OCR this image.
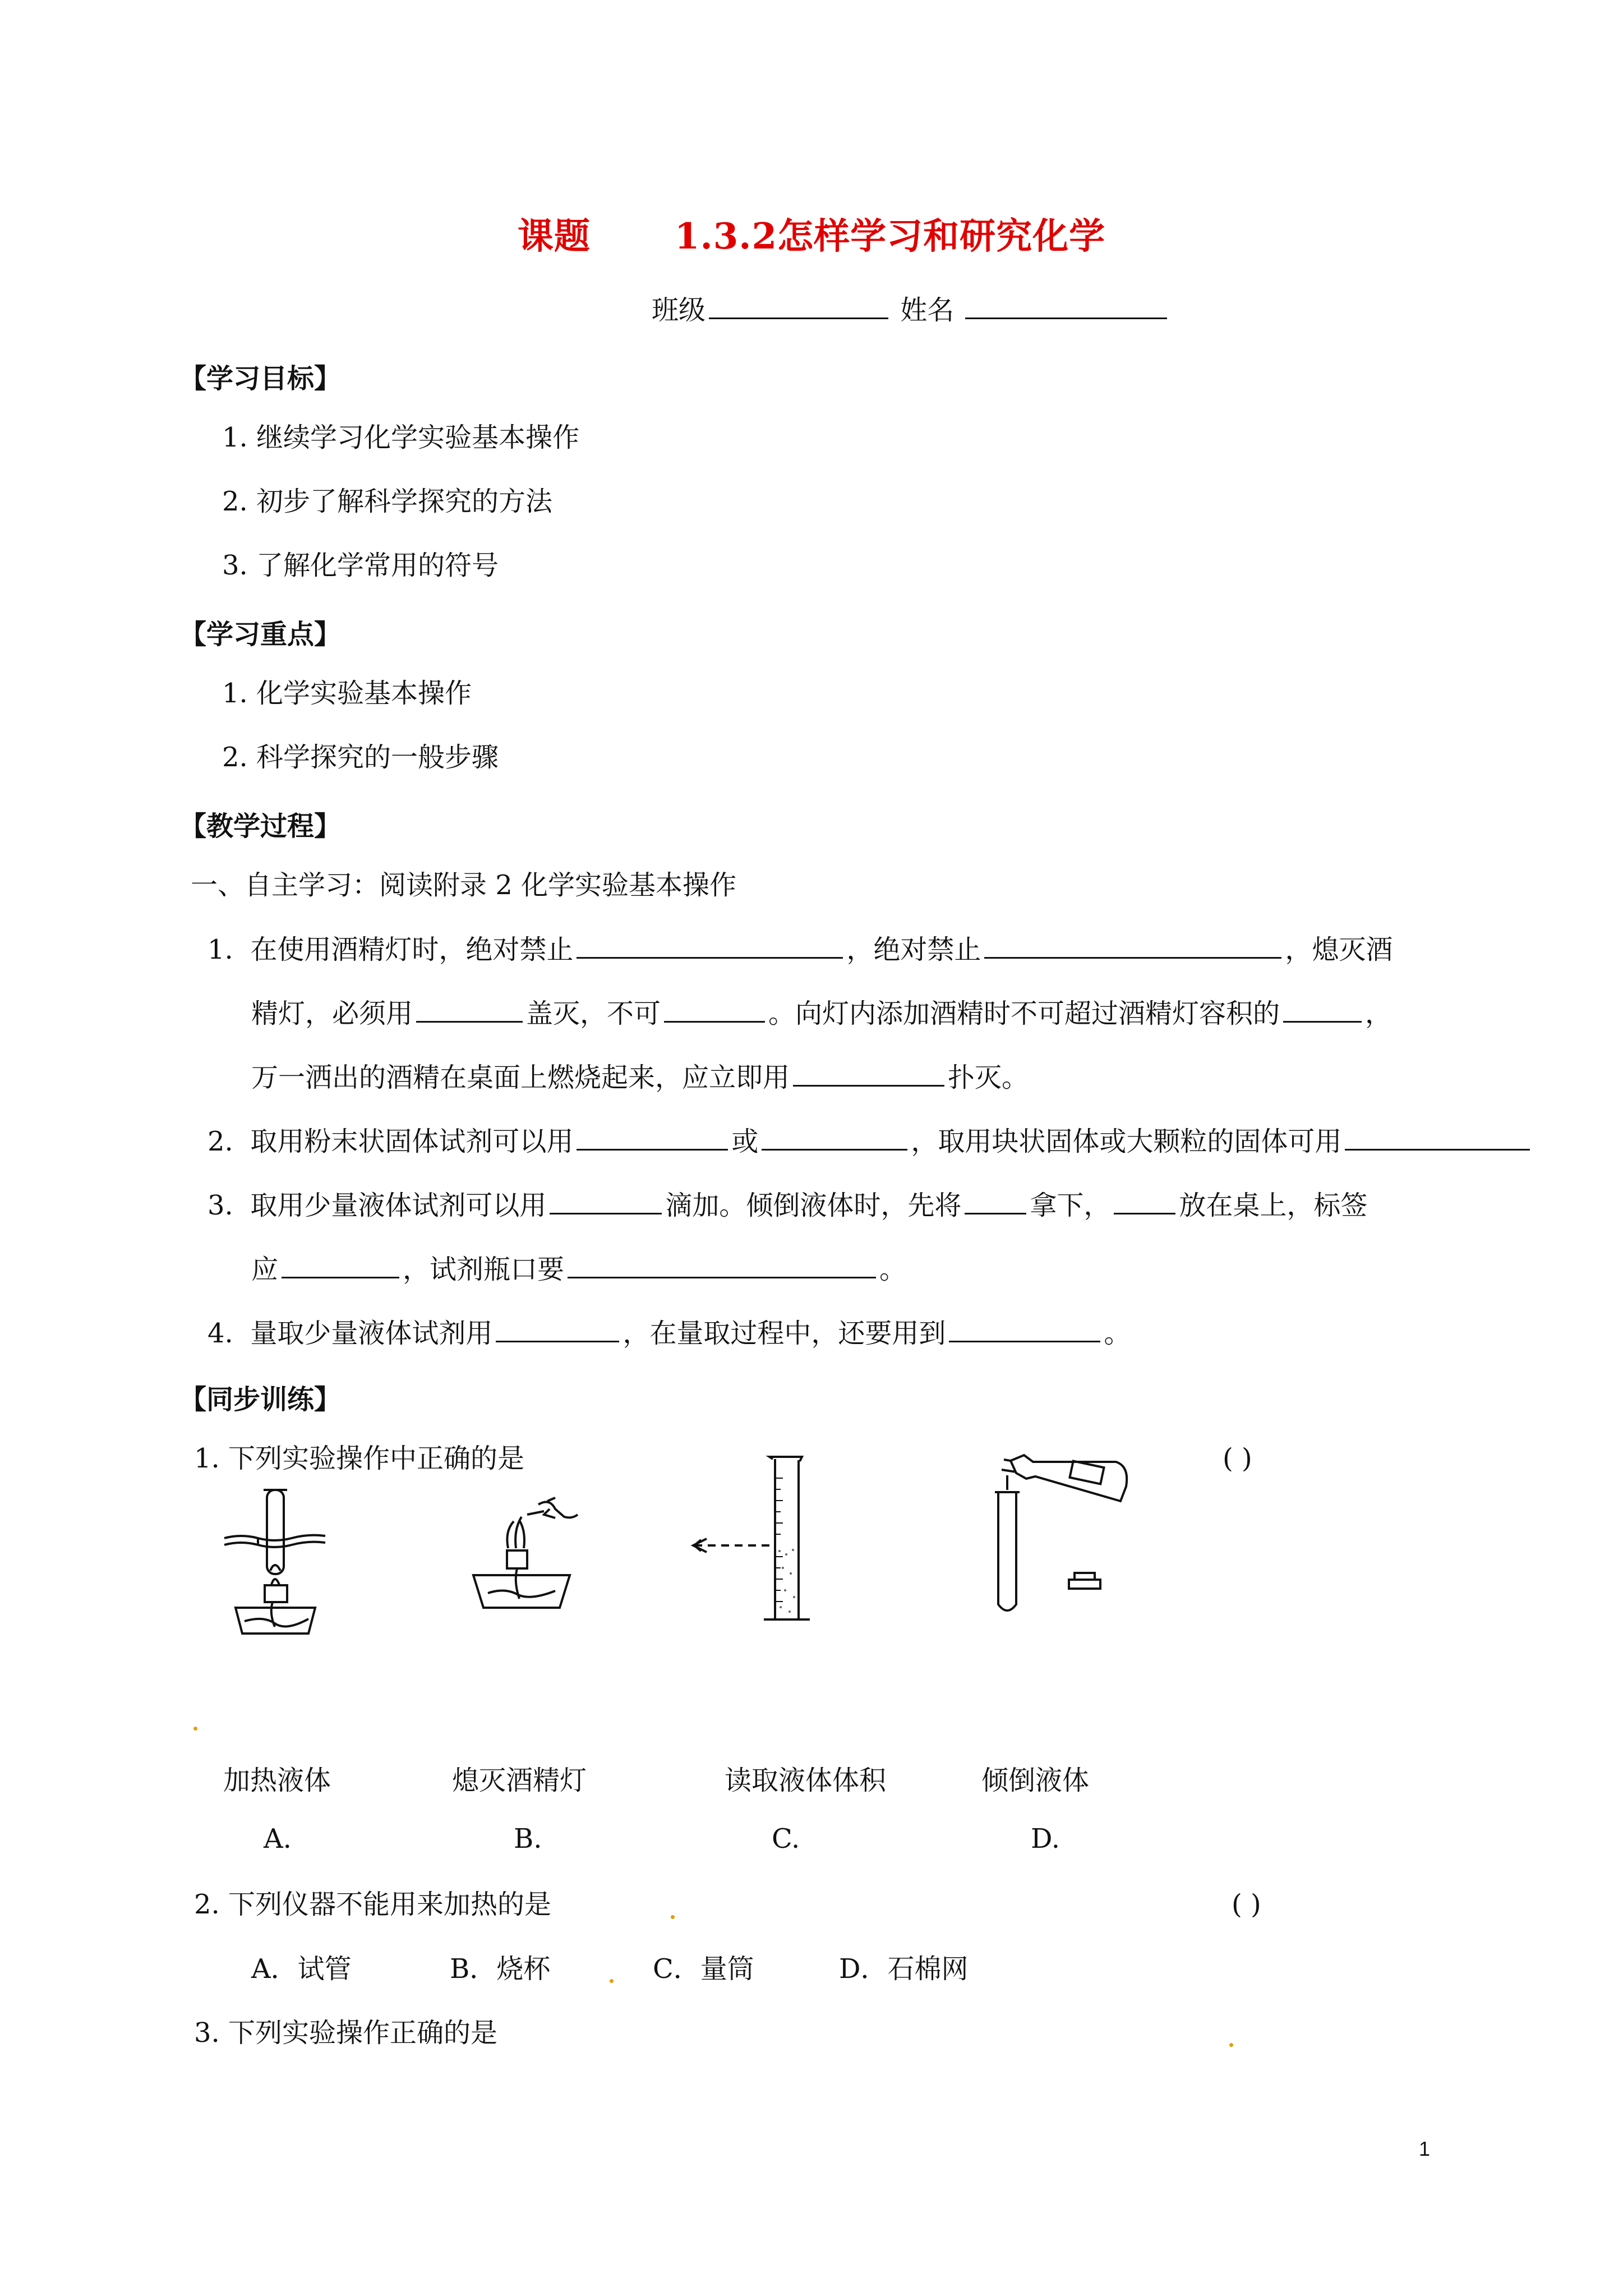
课题 1.3.2怎样学习和研究化学
班级	姓名
【学习目标】
1. 继续学习化学实验基本操作
2. 初步了解科学探究的方法
3. 了解化学常用的符号
【学习重点】
1. 化学实验基本操作
2. 科学探究的一般步骤
【教学过程】
一、自主学习：阅读附录 2 化学实验基本操作
1. 在使用酒精灯时，绝对禁止	，绝对禁止	，熄灭酒
精灯，必须用	盖灭，不可	。向灯内添加酒精时不可超过酒精灯容积的	，
万一洒出的酒精在桌面上燃烧起来，应立即用	扑灭。
2. 取用粉末状固体试剂可以用	或	，取用块状固体或大颗粒的固体可用
3. 取用少量液体试剂可以用	滴加。倾倒液体时，先将	拿下，	放在桌上，标签
应	，试剂瓶口要	。
4. 量取少量液体试剂用	，在量取过程中，还要用到	。
【同步训练】
1. 下列实验操作中正确的是	( )
加热液体	熄灭酒精灯	读取液体体积	倾倒液体
A.	B.	C.	D.
2. 下列仪器不能用来加热的是	( )
A．试管	B．烧杯	C．量筒	D．石棉网
3. 下列实验操作正确的是
1
